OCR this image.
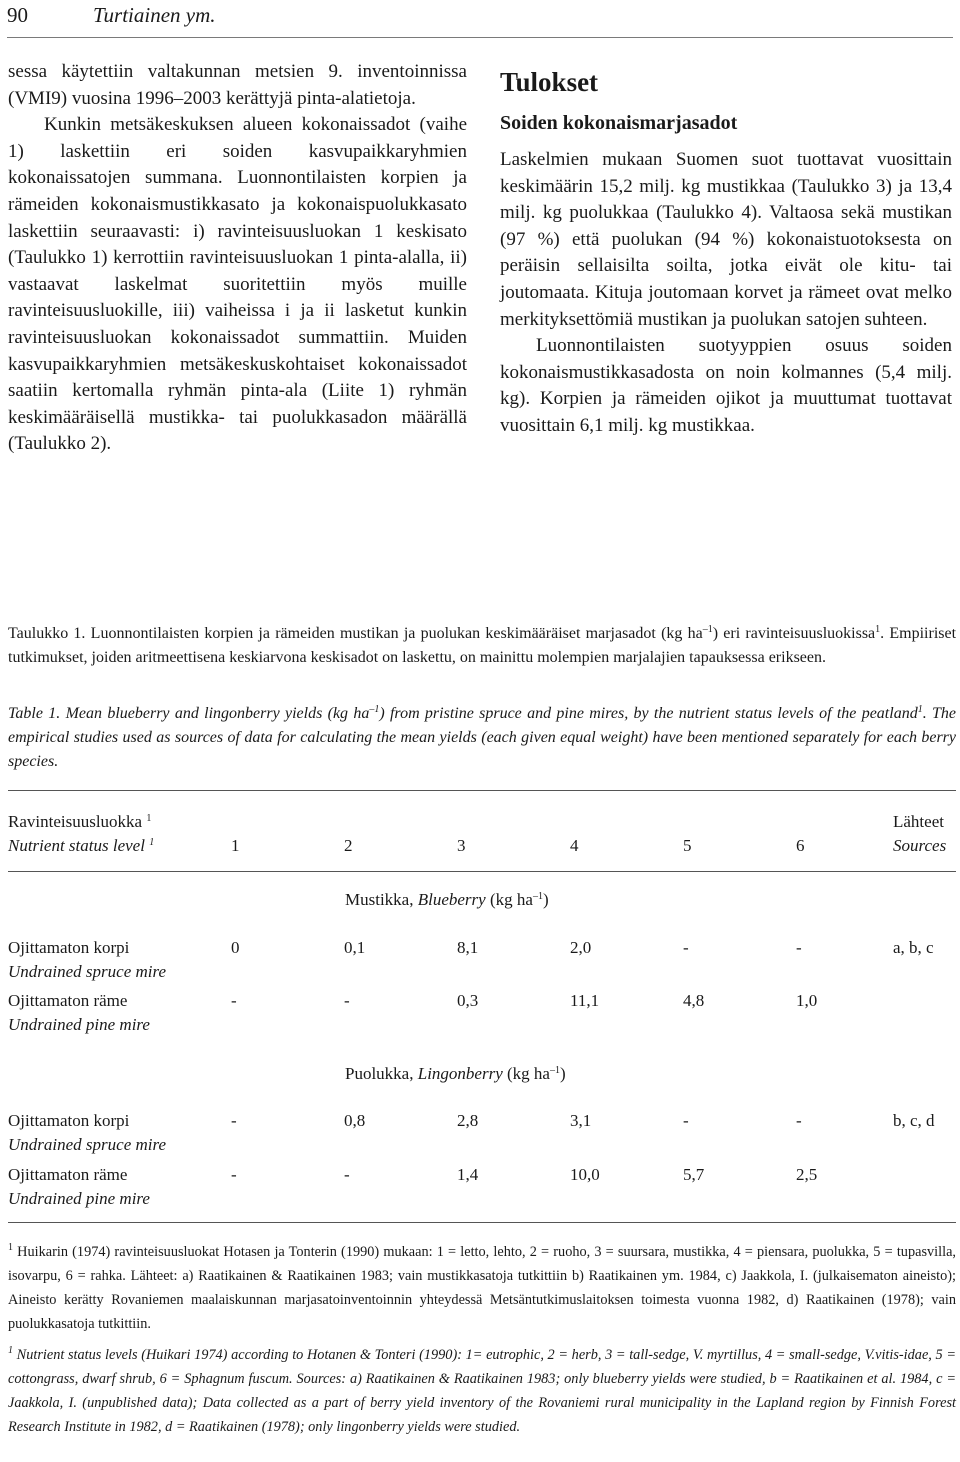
90	Turtiainen ym.

sessa käytettiin valtakunnan metsien 9. inventoinnissa (VMI9) vuosina 1996–2003 kerättyjä pinta-alatietoja.

Kunkin metsäkeskuksen alueen kokonaissadot (vaihe 1) laskettiin eri soiden kasvupaikkaryhmien kokonaissatojen summana. Luonnontilaisten korpien ja rämeiden kokonaismustikkasato ja kokonaispuolukkasato laskettiin seuraavasti: i) ravinteisuusluokan 1 keskisato (Taulukko 1) kerrottiin ravinteisuusluokan 1 pinta-alalla, ii) vastaavat laskelmat suoritettiin myös muille ravinteisuusluokille, iii) vaiheissa i ja ii lasketut kunkin ravinteisuusluokan kokonaissadot summattiin. Muiden kasvupaikkaryhmien metsäkeskuskohtaiset kokonaissadot saatiin kertomalla ryhmän pinta-ala (Liite 1) ryhmän keskimääräisellä mustikka- tai puolukkasadon määrällä (Taulukko 2).

Tulokset
Soiden kokonaismarjasadot

Laskelmien mukaan Suomen suot tuottavat vuosittain keskimäärin 15,2 milj. kg mustikkaa (Taulukko 3) ja 13,4 milj. kg puolukkaa (Taulukko 4). Valtaosa sekä mustikan (97 %) että puolukan (94 %) kokonaistuotoksesta on peräisin sellaisilta soilta, jotka eivät ole kitu- tai joutomaata. Kituja joutomaan korvet ja rämeet ovat melko merkityksettömiä mustikan ja puolukan satojen suhteen.

Luonnontilaisten suotyyppien osuus soiden kokonaismustikkasadosta on noin kolmannes (5,4 milj. kg). Korpien ja rämeiden ojikot ja muuttumat tuottavat vuosittain 6,1 milj. kg mustikkaa.

Taulukko 1. Luonnontilaisten korpien ja rämeiden mustikan ja puolukan keskimääräiset marjasadot (kg $ha^{-1}$) eri ravinteisuusluokissa$^1$. Empiiriset tutkimukset, joiden aritmeettisena keskiarvona keskisadot on laskettu, on mainittu molempien marjalajien tapauksessa erikseen.
Table 1. Mean blueberry and lingonberry yields (kg $ha^{-1}$) from pristine spruce and pine mires, by the nutrient status levels of the peatland$^1$. The empirical studies used as sources of data for calculating the mean yields (each given equal weight) have been mentioned separately for each berry species.
Ravinteisuusluokka $^1$
Nutrient status level $^1$	1	2	3	4	5	6
Lähteet
Sources
Mustikka, Blueberry (kg $ha^{-1}$)
Ojittamaton korpi
Undrained spruce mire
0	0,1	8,1	2,0	-	-	a, b, c
Ojittamaton räme
Undrained pine mire
-	-	0,3	11,1	4,8	1,0
Puolukka, Lingonberry (kg $ha^{-1}$)
Ojittamaton korpi
Undrained spruce mire
-	0,8	2,8	3,1	-	-	b, c, d
Ojittamaton räme
Undrained pine mire
-	-	1,4	10,0	5,7	2,5
$^1$ Huikarin (1974) ravinteisuusluokat Hotasen ja Tonterin (1990) mukaan: 1 = letto, lehto, 2 = ruoho, 3 = suursara, mustikka, 4 = piensara, puolukka, 5 = tupasvilla, isovarpu, 6 = rahka. Lähteet: a) Raatikainen & Raatikainen 1983; vain mustikkasatoja tutkittiin b) Raatikainen ym. 1984, c) Jaakkola, I. (julkaisematon aineisto); Aineisto kerätty Rovaniemen maalaiskunnan marjasatoinventoinnin yhteydessä Metsäntutkimuslaitoksen toimesta vuonna 1982, d) Raatikainen (1978); vain puolukkasatoja tutkittiin.
$^1$ Nutrient status levels (Huikari 1974) according to Hotanen & Tonteri (1990): 1= eutrophic, 2 = herb, 3 = tall-sedge, V. myrtillus, 4 = small-sedge, V.vitis-idae, 5 = cottongrass, dwarf shrub, 6 = Sphagnum fuscum. Sources: a) Raatikainen & Raatikainen 1983; only blueberry yields were studied, b = Raatikainen et al. 1984, c = Jaakkola, I. (unpublished data); Data collected as a part of berry yield inventory of the Rovaniemi rural municipality in the Lapland region by Finnish Forest Research Institute in 1982, d = Raatikainen (1978); only lingonberry yields were studied.
